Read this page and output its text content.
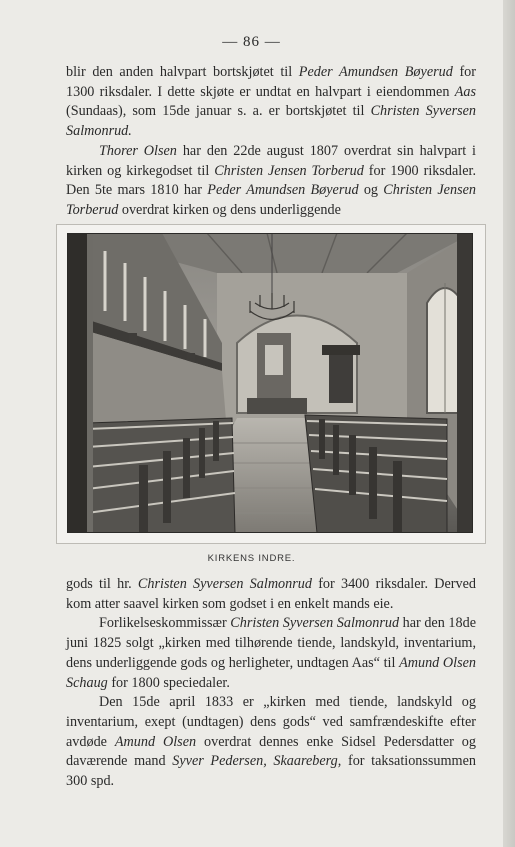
— 86 —

blir den anden halvpart bortskjøtet til Peder Amundsen Bøyerud for 1300 riksdaler. I dette skjøte er undtat en halvpart i eiendommen Aas (Sundaas), som 15de januar s. a. er bortskjøtet til Christen Syversen Salmonrud.

Thorer Olsen har den 22de august 1807 overdrat sin halvpart i kirken og kirkegodset til Christen Jensen Torberud for 1900 riksdaler. Den 5te mars 1810 har Peder Amundsen Bøyerud og Christen Jensen Torberud overdrat kirken og dens underliggende

KIRKENS INDRE.

gods til hr. Christen Syversen Salmonrud for 3400 riksdaler. Derved kom atter saavel kirken som godset i en enkelt mands eie.

Forlikelseskommissær Christen Syversen Salmonrud har den 18de juni 1825 solgt „kirken med tilhørende tiende, landskyld, inventarium, dens underliggende gods og herligheter, undtagen Aas“ til Amund Olsen Schaug for 1800 speciedaler.

Den 15de april 1833 er „kirken med tiende, landskyld og inventarium, exept (undtagen) dens gods“ ved samfrændeskifte efter avdøde Amund Olsen overdrat dennes enke Sidsel Pedersdatter og daværende mand Syver Pedersen, Skaareberg, for taksationssummen 300 spd.
